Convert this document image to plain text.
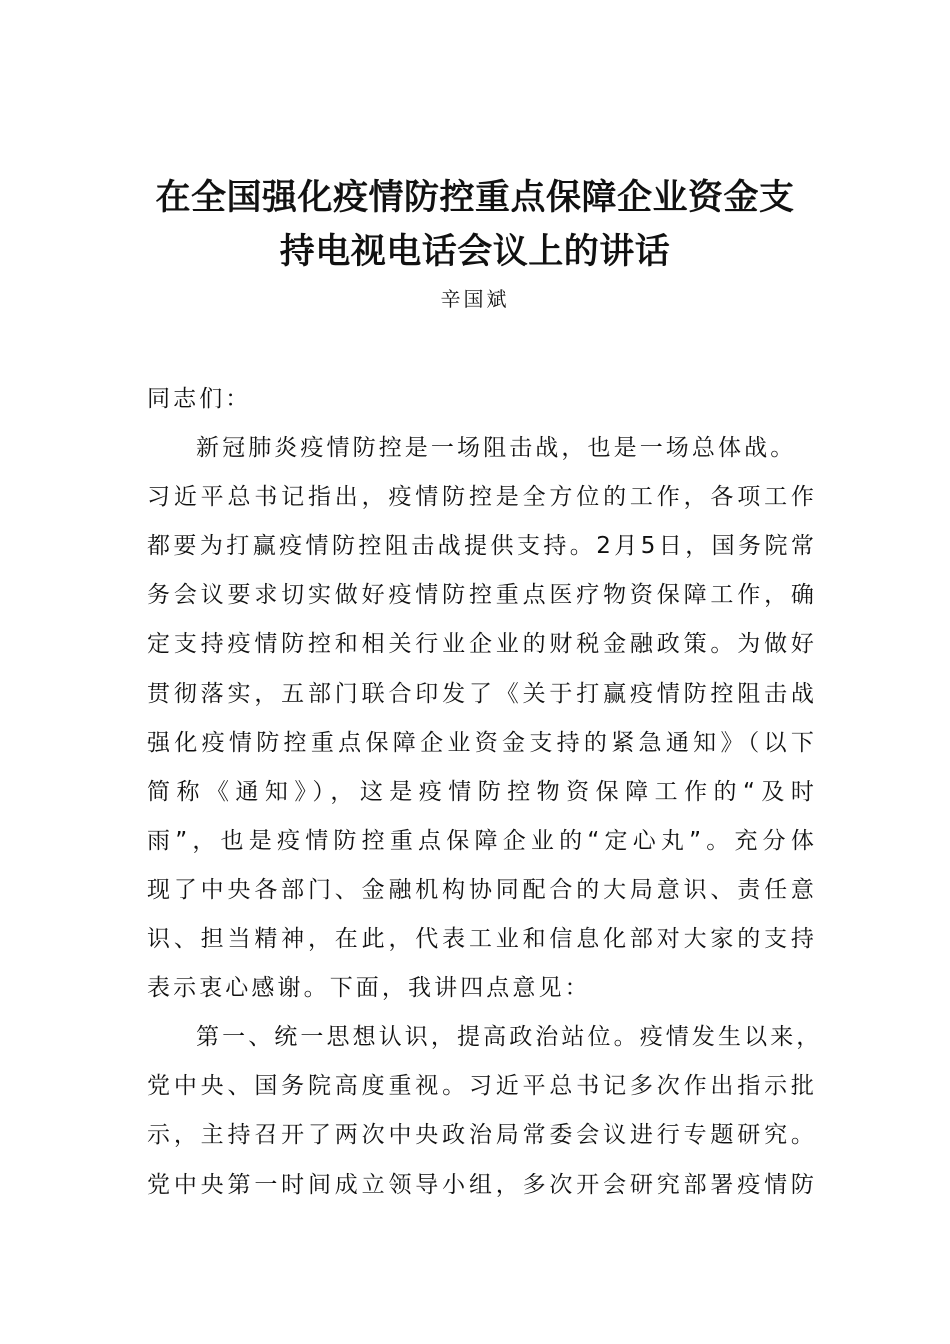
在全国强化疫情防控重点保障企业资金支
持电视电话会议上的讲话
辛国斌
同志们：
新冠肺炎疫情防控是一场阻击战，也是一场总体战。
习近平总书记指出，疫情防控是全方位的工作，各项工作
都要为打赢疫情防控阻击战提供支持。2月5日，国务院常
务会议要求切实做好疫情防控重点医疗物资保障工作，确
定支持疫情防控和相关行业企业的财税金融政策。为做好
贯彻落实，五部门联合印发了《关于打赢疫情防控阻击战
强化疫情防控重点保障企业资金支持的紧急通知》（以下
简称《通知》），这是疫情防控物资保障工作的“及时
雨”，也是疫情防控重点保障企业的“定心丸”。充分体
现了中央各部门、金融机构协同配合的大局意识、责任意
识、担当精神，在此，代表工业和信息化部对大家的支持
表示衷心感谢。下面，我讲四点意见：
第一、统一思想认识，提高政治站位。疫情发生以来，
党中央、国务院高度重视。习近平总书记多次作出指示批
示，主持召开了两次中央政治局常委会议进行专题研究。
党中央第一时间成立领导小组，多次开会研究部署疫情防
